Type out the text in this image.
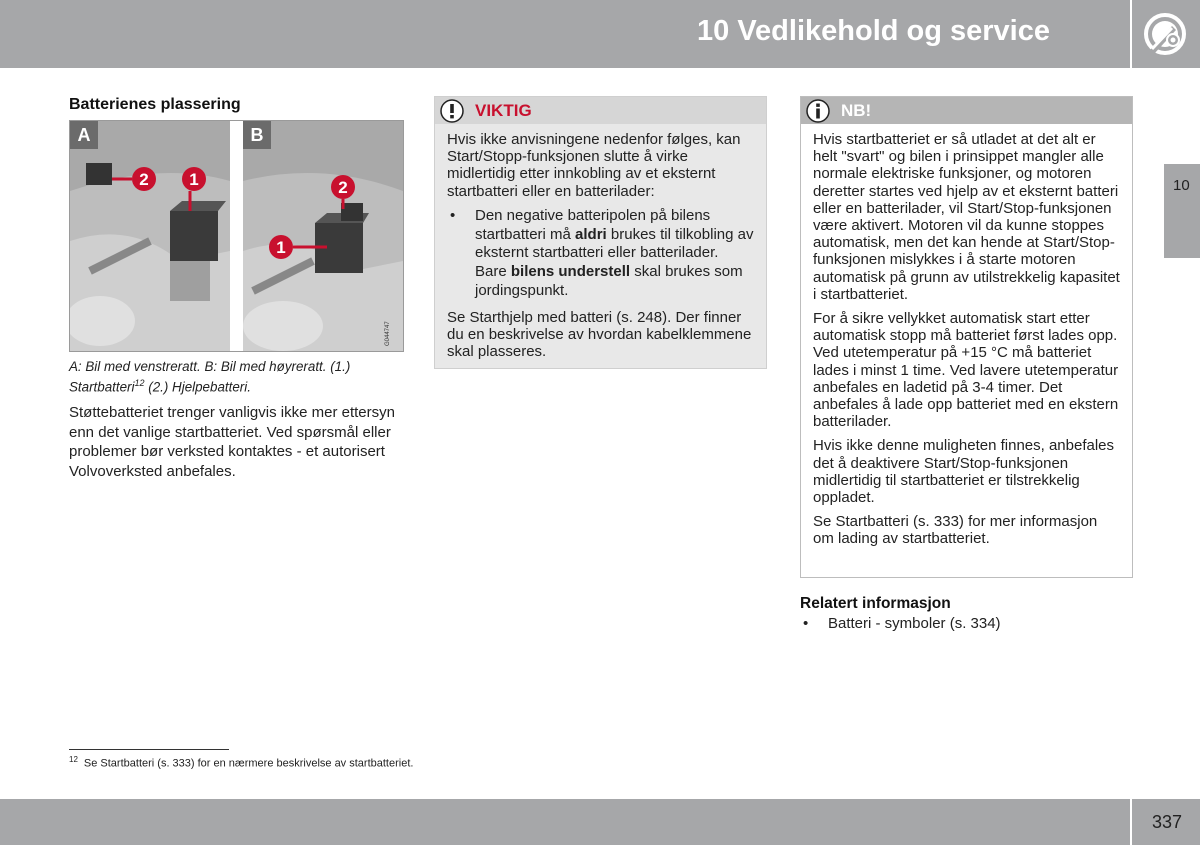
10 Vedlikehold og service
10
Batterienes plassering
2 1
A
2
1
G044747
B
A: Bil med venstreratt. B: Bil med høyreratt. (1.) Startbatteri$^{12}$ (2.) Hjelpebatteri.
Støttebatteriet trenger vanligvis ikke mer ettersyn enn det vanlige startbatteriet. Ved spørsmål eller problemer bør verksted kontaktes - et autorisert Volvoverksted anbefales.
VIKTIG

Hvis ikke anvisningene nedenfor følges, kan Start/Stopp-funksjonen slutte å virke midlertidig etter innkobling av et eksternt startbatteri eller en batterilader:

• Den negative batteripolen på bilens startbatteri må aldri brukes til tilkobling av eksternt startbatteri eller batterilader. Bare bilens understell skal brukes som jordingspunkt.

Se Starthjelp med batteri (s. 248). Der finner du en beskrivelse av hvordan kabelklemmene skal plasseres.

NB!

Hvis startbatteriet er så utladet at det alt er helt "svart" og bilen i prinsippet mangler alle normale elektriske funksjoner, og motoren deretter startes ved hjelp av et eksternt batteri eller en batterilader, vil Start/Stop-funksjonen være aktivert. Motoren vil da kunne stoppes automatisk, men det kan hende at Start/Stop-funksjonen mislykkes i å starte motoren automatisk på grunn av utilstrekkelig kapasitet i startbatteriet.

For å sikre vellykket automatisk start etter automatisk stopp må batteriet først lades opp. Ved utetemperatur på +15 °C må batteriet lades i minst 1 time. Ved lavere utetemperatur anbefales en ladetid på 3-4 timer. Det anbefales å lade opp batteriet med en ekstern batterilader.

Hvis ikke denne muligheten finnes, anbefales det å deaktivere Start/Stop-funksjonen midlertidig til startbatteriet er tilstrekkelig oppladet.

Se Startbatteri (s. 333) for mer informasjon om lading av startbatteriet.

Relatert informasjon
• Batteri - symboler (s. 334)
$^{12}$ Se Startbatteri (s. 333) for en nærmere beskrivelse av startbatteriet.
337
